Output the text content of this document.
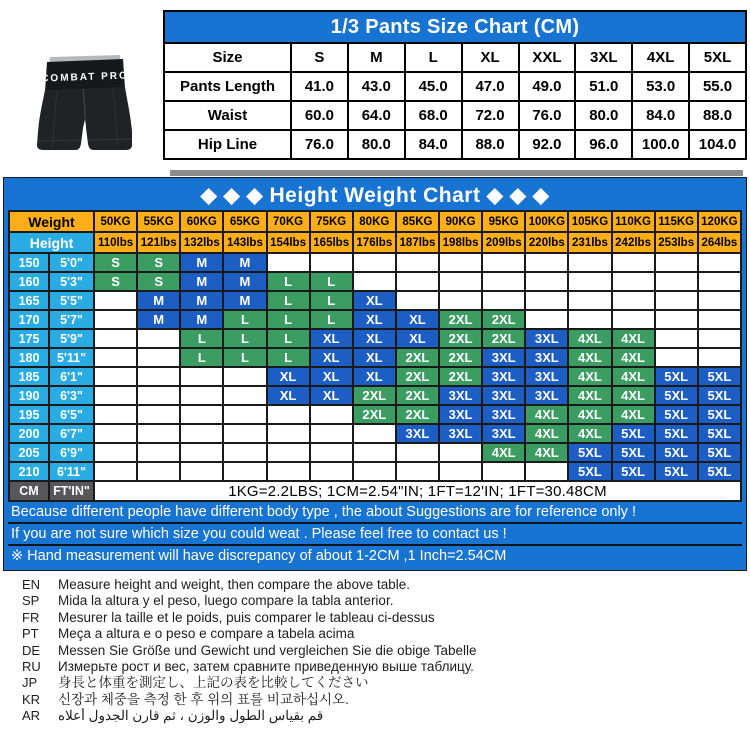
COMBAT PRO
1/3 Pants Size Chart (CM)								
Size	S	M	L	XL	XXL	3XL	4XL	5XL
Pants Length	41.0	43.0	45.0	47.0	49.0	51.0	53.0	55.0
Waist	60.0	64.0	68.0	72.0	76.0	80.0	84.0	88.0
Hip Line	76.0	80.0	84.0	88.0	92.0	96.0	100.0	104.0
◆ ◆ ◆ Height Weight Chart ◆ ◆ ◆
Weight		50KG	55KG	60KG	65KG	70KG	75KG	80KG	85KG	90KG	95KG	100KG	105KG	110KG	115KG	120KG
Height		110lbs	121lbs	132lbs	143lbs	154lbs	165lbs	176lbs	187lbs	198lbs	209lbs	220lbs	231lbs	242lbs	253lbs	264lbs
150	5'0"	S	S	M	M											
160	5'3"	S	S	M	M	L	L									
165	5'5"		M	M	M	L	L	XL								
170	5'7"		M	M	L	L	L	XL	XL	2XL	2XL					
175	5'9"			L	L	L	XL	XL	XL	2XL	2XL	3XL	4XL	4XL		
180	5'11"			L	L	L	XL	XL	2XL	2XL	3XL	3XL	4XL	4XL		
185	6'1"					XL	XL	XL	2XL	2XL	3XL	3XL	4XL	4XL	5XL	5XL
190	6'3"					XL	XL	2XL	2XL	3XL	3XL	3XL	4XL	4XL	5XL	5XL
195	6'5"							2XL	2XL	3XL	3XL	4XL	4XL	4XL	5XL	5XL
200	6'7"								3XL	3XL	3XL	4XL	4XL	5XL	5XL	5XL
205	6'9"										4XL	4XL	5XL	5XL	5XL	5XL
210	6'11"												5XL	5XL	5XL	5XL
CM	FT'IN"	1KG=2.2LBS; 1CM=2.54"IN; 1FT=12'IN; 1FT=30.48CM														
Because different people have different body type , the about Suggestions are for reference only !
If you are not sure which size you could weat . Please feel free to contact us !
※ Hand measurement will have discrepancy of about 1-2CM ,1 Inch=2.54CM
EN Measure height and weight, then compare the above table.
SP Mida la altura y el peso, luego compare la tabla anterior.
FR Mesurer la taille et le poids, puis comparer le tableau ci-dessus
PT Meça a altura e o peso e compare a tabela acima
DE Messen Sie Größe und Gewicht und vergleichen Sie die obige Tabelle
RU Измерьте рост и вес, затем сравните приведенную выше таблицу.
JP 身長と体重を測定し、上記の表を比較してください
KR 신장과 체중을 측정 한 후 위의 표를 비교하십시오.
AR قم بقياس الطول والوزن ، ثم قارن الجدول أعلاه
